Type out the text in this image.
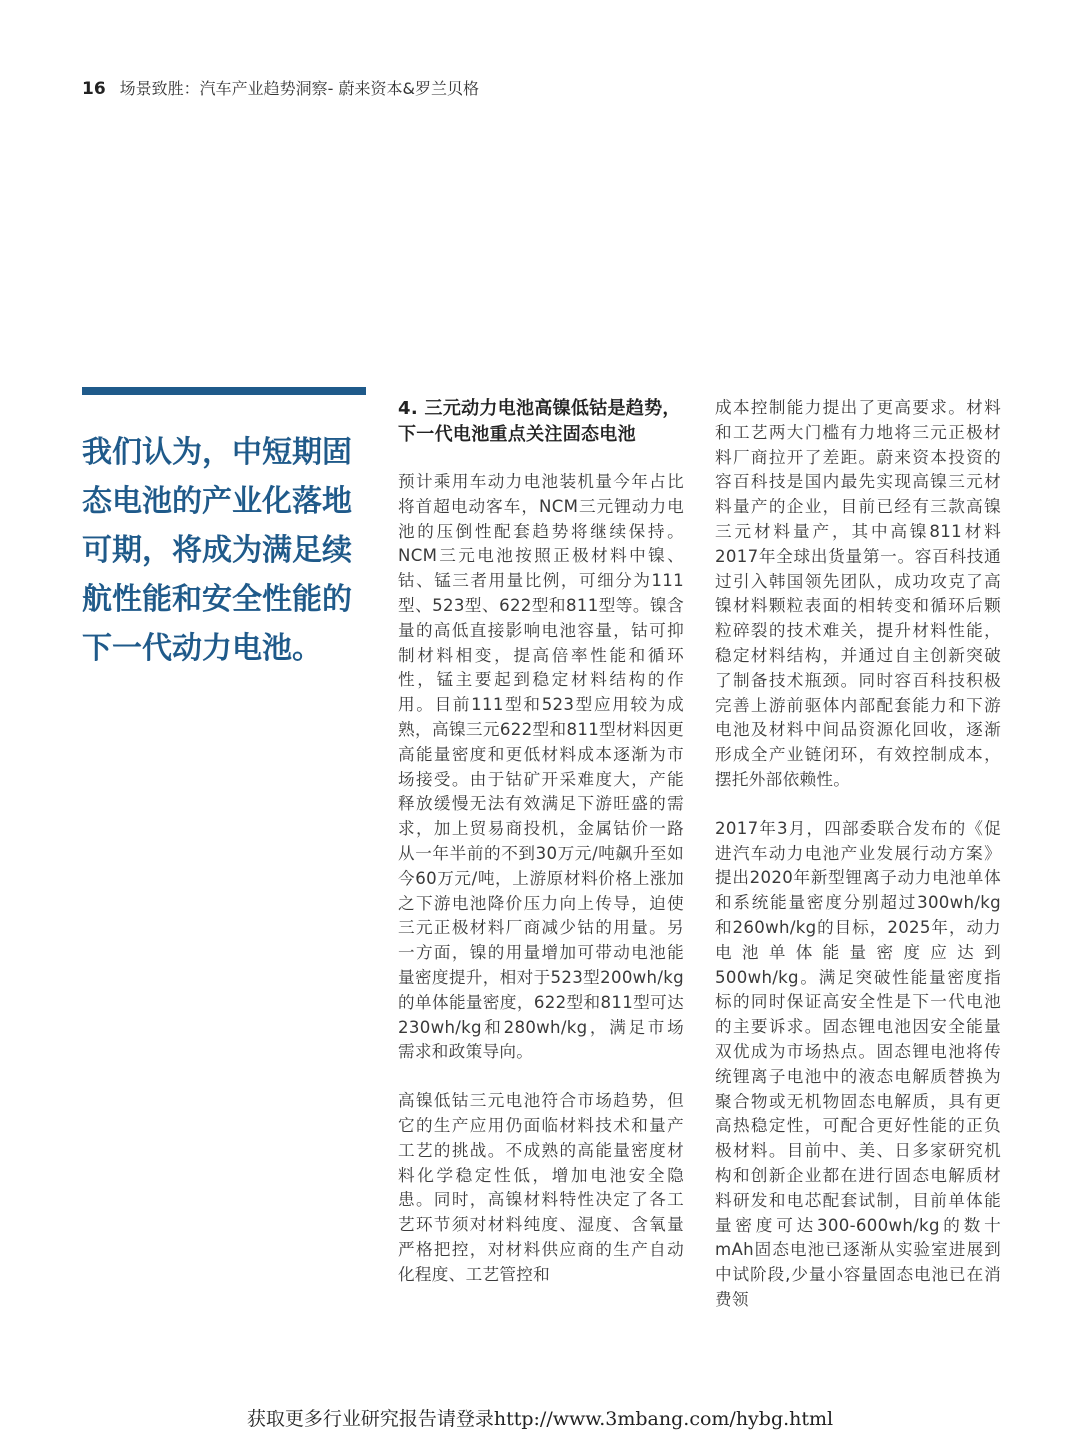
16 场景致胜：汽车产业趋势洞察- 蔚来资本&罗兰贝格
我们认为，中短期固态电池的产业化落地可期，将成为满足续航性能和安全性能的下一代动力电池。
4. 三元动力电池高镍低钴是趋势，下一代电池重点关注固态电池

预计乘用车动力电池装机量今年占比将首超电动客车，NCM三元锂动力电池的压倒性配套趋势将继续保持。NCM三元电池按照正极材料中镍、钴、锰三者用量比例，可细分为111型、523型、622型和811型等。镍含量的高低直接影响电池容量，钴可抑制材料相变，提高倍率性能和循环性，锰主要起到稳定材料结构的作用。目前111型和523型应用较为成熟，高镍三元622型和811型材料因更高能量密度和更低材料成本逐渐为市场接受。由于钴矿开采难度大，产能释放缓慢无法有效满足下游旺盛的需求，加上贸易商投机，金属钴价一路从一年半前的不到30万元/吨飙升至如今60万元/吨，上游原材料价格上涨加之下游电池降价压力向上传导，迫使三元正极材料厂商减少钴的用量。另一方面，镍的用量增加可带动电池能量密度提升，相对于523型200wh/kg的单体能量密度，622型和811型可达230wh/kg和280wh/kg，满足市场需求和政策导向。

高镍低钴三元电池符合市场趋势，但它的生产应用仍面临材料技术和量产工艺的挑战。不成熟的高能量密度材料化学稳定性低，增加电池安全隐患。同时，高镍材料特性决定了各工艺环节须对材料纯度、湿度、含氧量严格把控，对材料供应商的生产自动化程度、工艺管控和

成本控制能力提出了更高要求。材料和工艺两大门槛有力地将三元正极材料厂商拉开了差距。蔚来资本投资的容百科技是国内最先实现高镍三元材料量产的企业，目前已经有三款高镍三元材料量产，其中高镍811材料2017年全球出货量第一。容百科技通过引入韩国领先团队，成功攻克了高镍材料颗粒表面的相转变和循环后颗粒碎裂的技术难关，提升材料性能，稳定材料结构，并通过自主创新突破了制备技术瓶颈。同时容百科技积极完善上游前驱体内部配套能力和下游电池及材料中间品资源化回收，逐渐形成全产业链闭环，有效控制成本，摆托外部依赖性。

2017年3月，四部委联合发布的《促进汽车动力电池产业发展行动方案》提出2020年新型锂离子动力电池单体和系统能量密度分别超过300wh/kg和260wh/kg的目标，2025年，动力电池单体能量密度应达到500wh/kg。满足突破性能量密度指标的同时保证高安全性是下一代电池的主要诉求。固态锂电池因安全能量双优成为市场热点。固态锂电池将传统锂离子电池中的液态电解质替换为聚合物或无机物固态电解质，具有更高热稳定性，可配合更好性能的正负极材料。目前中、美、日多家研究机构和创新企业都在进行固态电解质材料研发和电芯配套试制，目前单体能量密度可达300-600wh/kg的数十mAh固态电池已逐渐从实验室进展到中试阶段,少量小容量固态电池已在消费领

获取更多行业研究报告请登录http://www.3mbang.com/hybg.html
